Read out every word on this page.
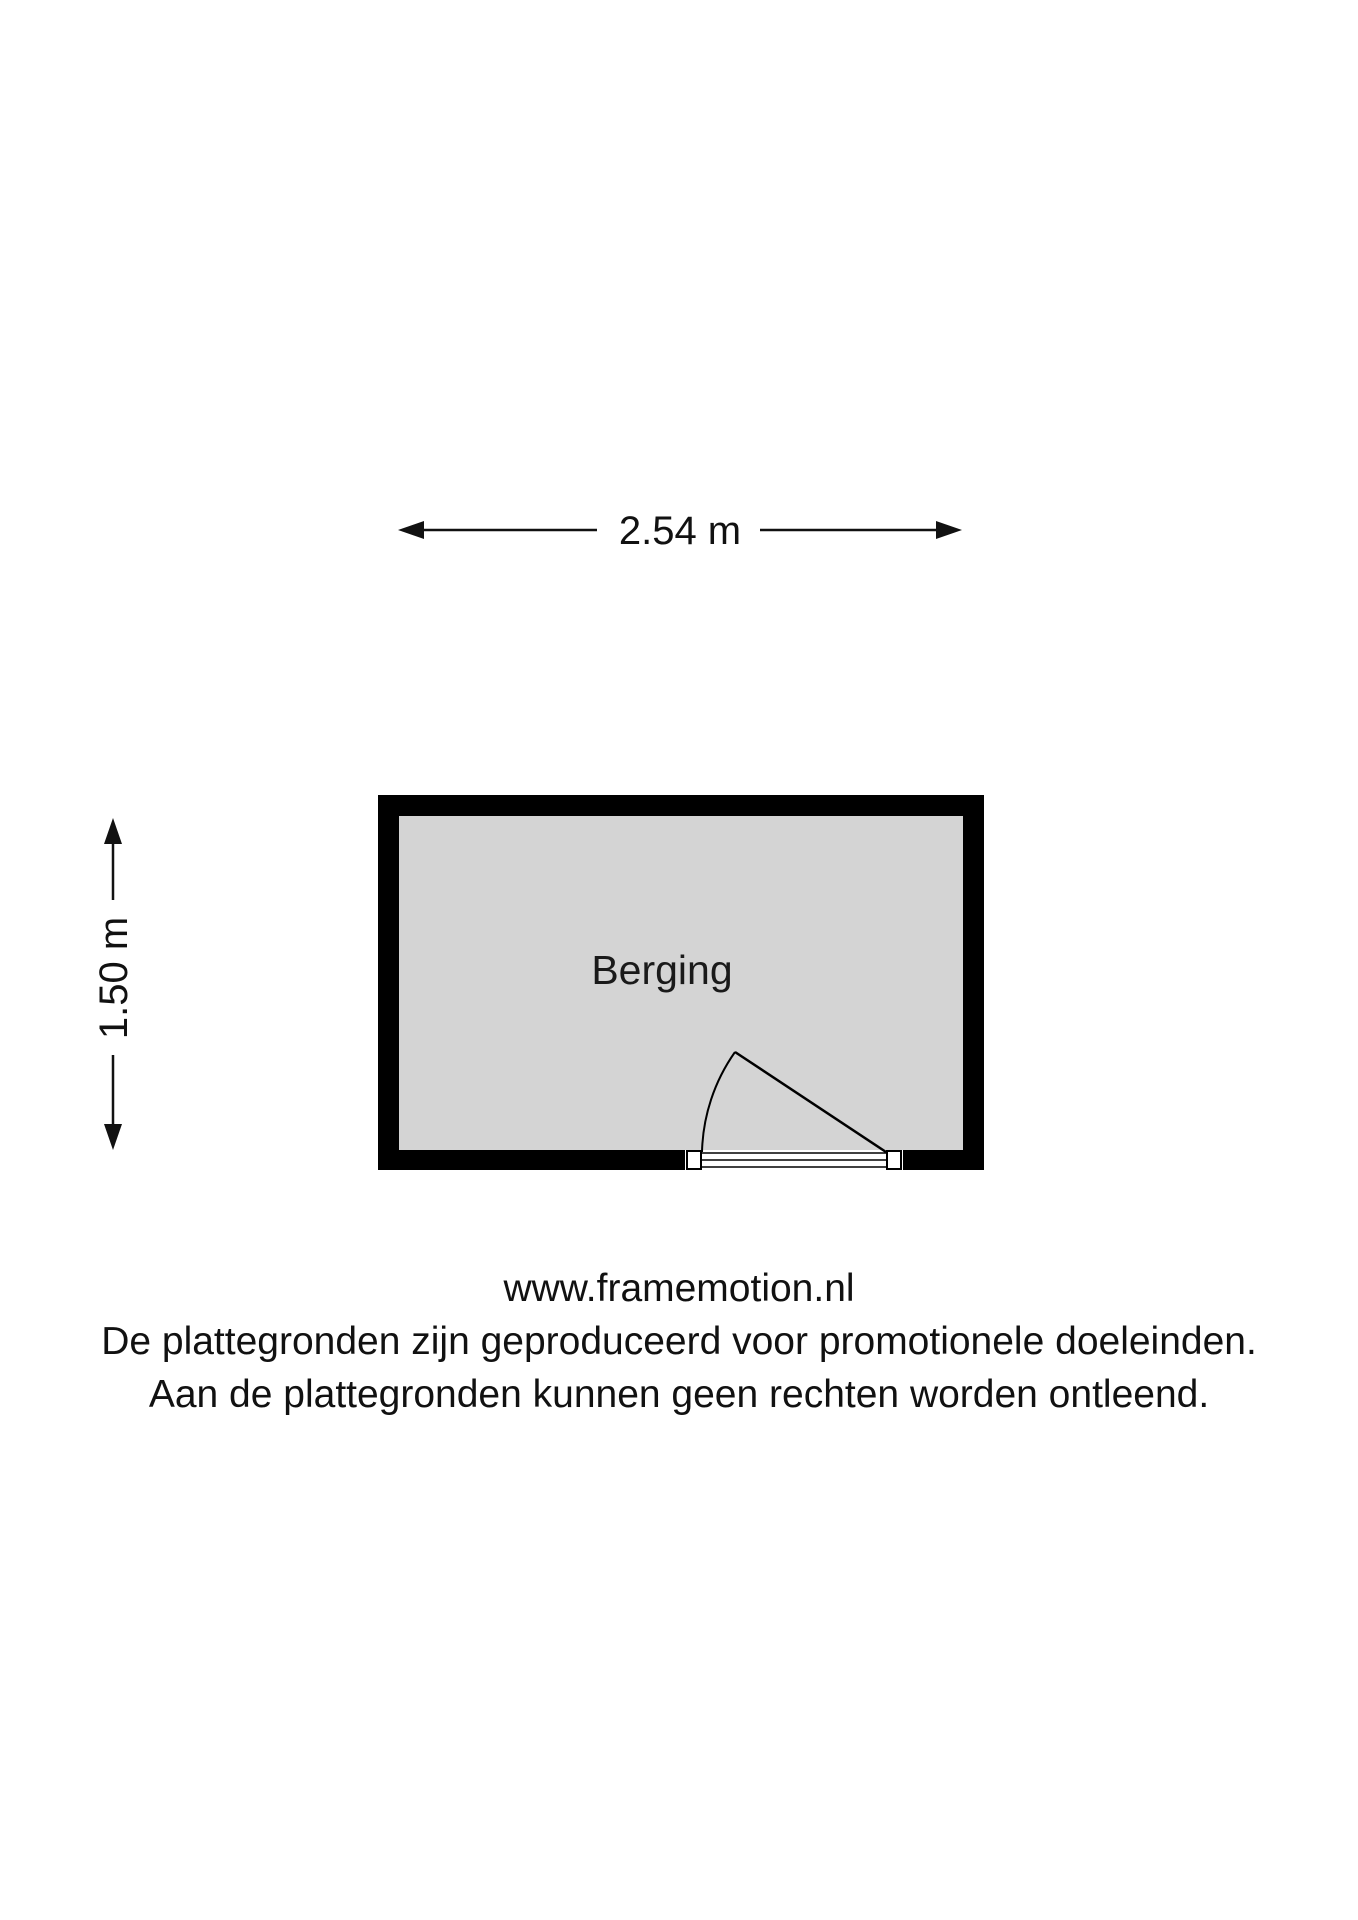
2.54 m
1.50 m	Berging
www.framemotion.nl
De plattegronden zijn geproduceerd voor promotionele doeleinden.
Aan de plattegronden kunnen geen rechten worden ontleend.
